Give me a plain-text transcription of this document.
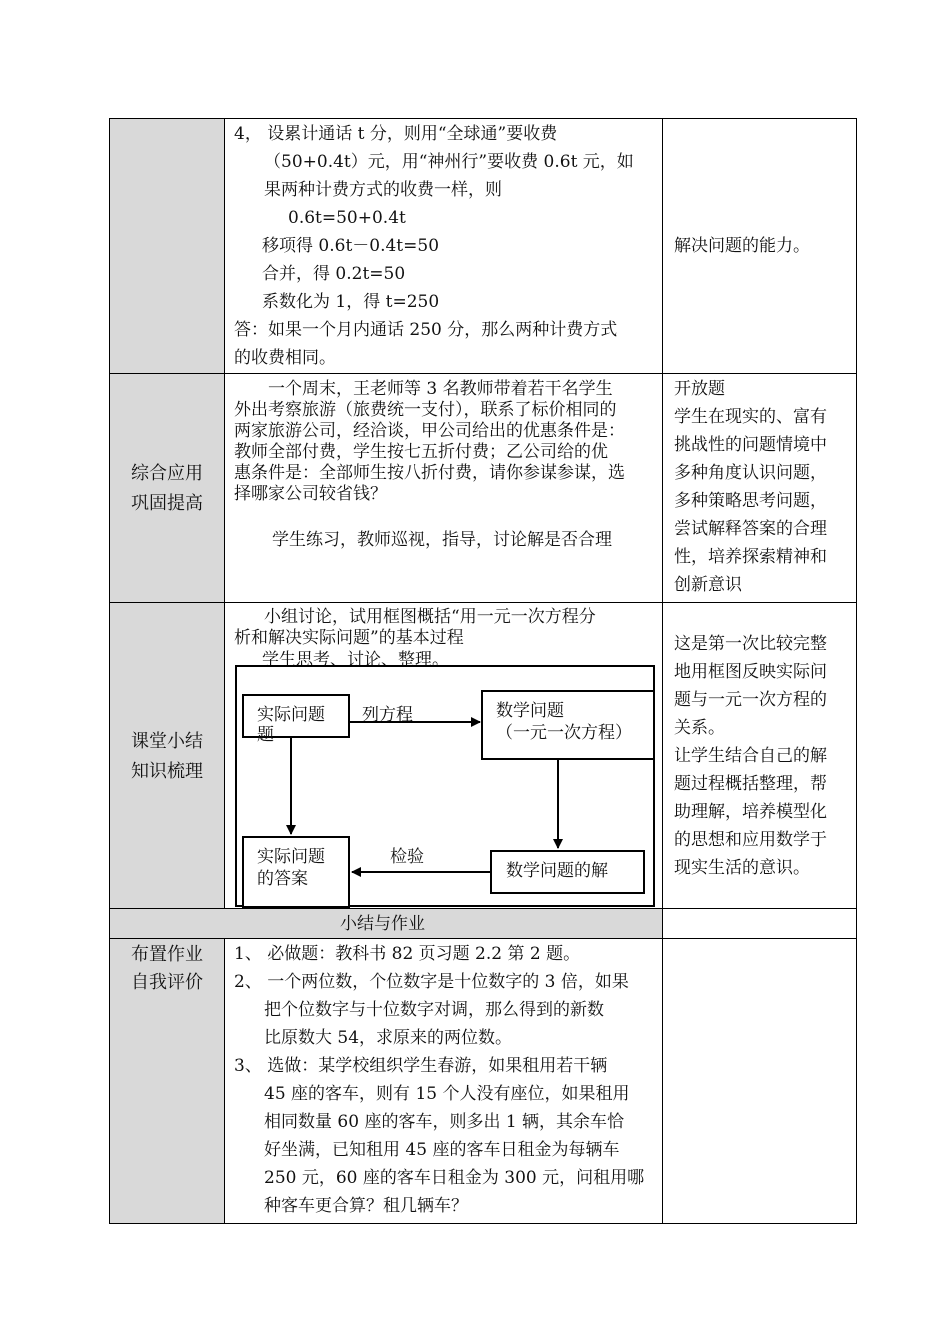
4， 设累计通话 t 分，则用“全球通”要收费
（50+0.4t）元，用“神州行”要收费 0.6t 元，如
果两种计费方式的收费一样，则
0.6t=50+0.4t
移项得 0.6t－0.4t=50
合并，得 0.2t=50
系数化为 1，得 t=250
答：如果一个月内通话 250 分，那么两种计费方式
的收费相同。
解决问题的能力。
综合应用
巩固提高
一个周末，王老师等 3 名教师带着若干名学生
外出考察旅游（旅费统一支付），联系了标价相同的
两家旅游公司，经洽谈，甲公司给出的优惠条件是：
教师全部付费，学生按七五折付费；乙公司给的优
惠条件是：全部师生按八折付费，请你参谋参谋，选
择哪家公司较省钱？
学生练习，教师巡视，指导，讨论解是否合理
开放题
学生在现实的、富有
挑战性的问题情境中
多种角度认识问题，
多种策略思考问题，
尝试解释答案的合理
性，培养探索精神和
创新意识
课堂小结
知识梳理
小组讨论，试用框图概括“用一元一次方程分
析和解决实际问题”的基本过程
学生思考、讨论、整理。
实际问题
题
数学问题
（一元一次方程）
列方程
实际问题
的答案	数学问题的解
检验
这是第一次比较完整
地用框图反映实际问
题与一元一次方程的
关系。
让学生结合自己的解
题过程概括整理，帮
助理解，培养模型化
的思想和应用数学于
现实生活的意识。
小结与作业
布置作业
自我评价
1、 必做题：教科书 82 页习题 2.2 第 2 题。
2、 一个两位数，个位数字是十位数字的 3 倍，如果
把个位数字与十位数字对调，那么得到的新数
比原数大 54，求原来的两位数。
3、 选做：某学校组织学生春游，如果租用若干辆
45 座的客车，则有 15 个人没有座位，如果租用
相同数量 60 座的客车，则多出 1 辆，其余车恰
好坐满，已知租用 45 座的客车日租金为每辆车
250 元，60 座的客车日租金为 300 元，问租用哪
种客车更合算？租几辆车？
